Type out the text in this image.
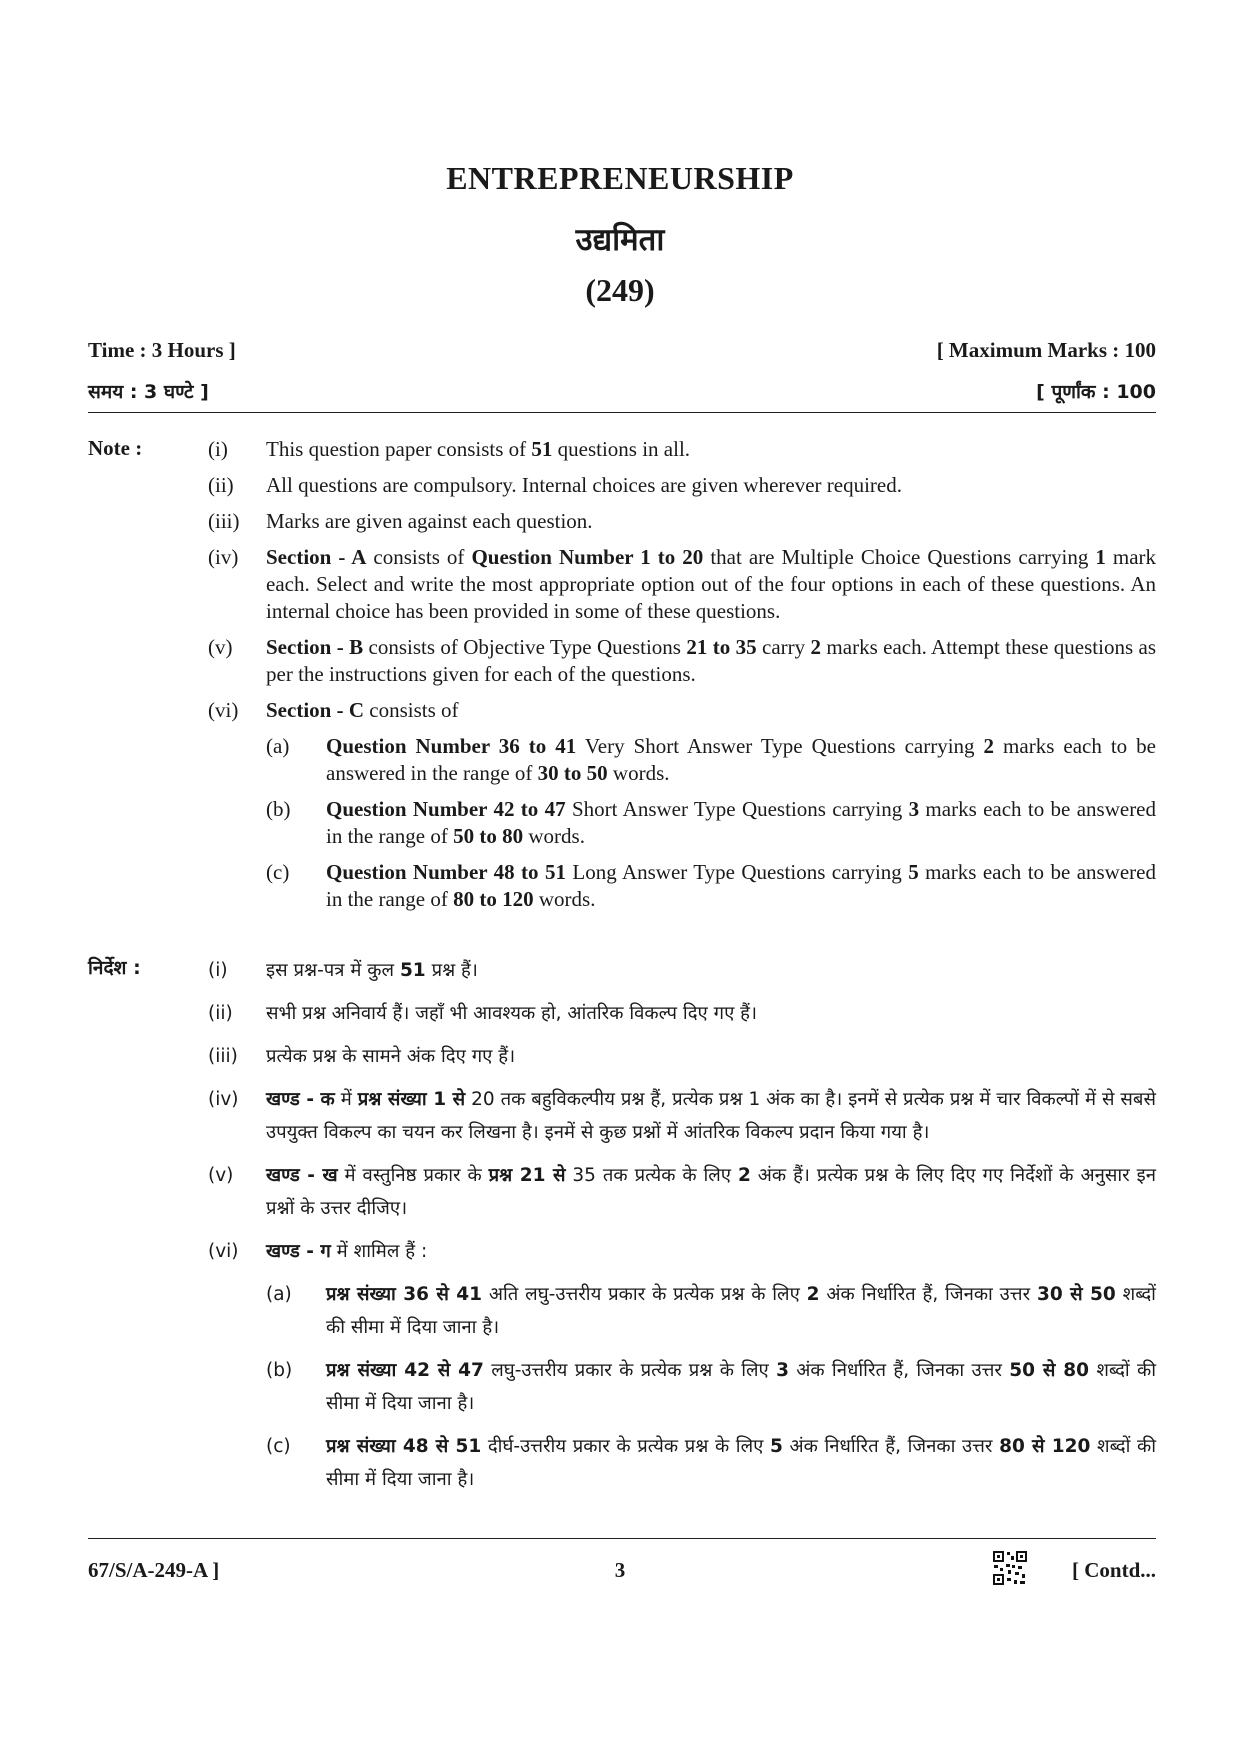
ENTREPRENEURSHIP
उद्यमिता
(249)
Time : 3 Hours ]	[ Maximum Marks : 100
समय : 3 घण्टे ]	[ पूर्णांक : 100
Note :	(i) This question paper consists of 51 questions in all.
(ii) All questions are compulsory. Internal choices are given wherever required.
(iii) Marks are given against each question.
(iv) Section - A consists of Question Number 1 to 20 that are Multiple Choice Questions carrying 1 mark each. Select and write the most appropriate option out of the four options in each of these questions. An internal choice has been provided in some of these questions.
(v) Section - B consists of Objective Type Questions 21 to 35 carry 2 marks each. Attempt these questions as per the instructions given for each of the questions.
(vi) Section - C consists of
(a) Question Number 36 to 41 Very Short Answer Type Questions carrying 2 marks each to be answered in the range of 30 to 50 words.
(b) Question Number 42 to 47 Short Answer Type Questions carrying 3 marks each to be answered in the range of 50 to 80 words.
(c) Question Number 48 to 51 Long Answer Type Questions carrying 5 marks each to be answered in the range of 80 to 120 words.
निर्देश :	(i) इस प्रश्न-पत्र में कुल 51 प्रश्न हैं।
(ii) सभी प्रश्न अनिवार्य हैं। जहाँ भी आवश्यक हो, आंतरिक विकल्प दिए गए हैं।
(iii) प्रत्येक प्रश्न के सामने अंक दिए गए हैं।
(iv) खण्ड - क में प्रश्न संख्या 1 से 20 तक बहुविकल्पीय प्रश्न हैं, प्रत्येक प्रश्न 1 अंक का है। इनमें से प्रत्येक प्रश्न में चार विकल्पों में से सबसे उपयुक्त विकल्प का चयन कर लिखना है। इनमें से कुछ प्रश्नों में आंतरिक विकल्प प्रदान किया गया है।
(v) खण्ड - ख में वस्तुनिष्ठ प्रकार के प्रश्न 21 से 35 तक प्रत्येक के लिए 2 अंक हैं। प्रत्येक प्रश्न के लिए दिए गए निर्देशों के अनुसार इन प्रश्नों के उत्तर दीजिए।
(vi) खण्ड - ग में शामिल हैं :
(a) प्रश्न संख्या 36 से 41 अति लघु-उत्तरीय प्रकार के प्रत्येक प्रश्न के लिए 2 अंक निर्धारित हैं, जिनका उत्तर 30 से 50 शब्दों की सीमा में दिया जाना है।
(b) प्रश्न संख्या 42 से 47 लघु-उत्तरीय प्रकार के प्रत्येक प्रश्न के लिए 3 अंक निर्धारित हैं, जिनका उत्तर 50 से 80 शब्दों की सीमा में दिया जाना है।
(c) प्रश्न संख्या 48 से 51 दीर्घ-उत्तरीय प्रकार के प्रत्येक प्रश्न के लिए 5 अंक निर्धारित हैं, जिनका उत्तर 80 से 120 शब्दों की सीमा में दिया जाना है।
67/S/A-249-A ]	3	[ Contd...
